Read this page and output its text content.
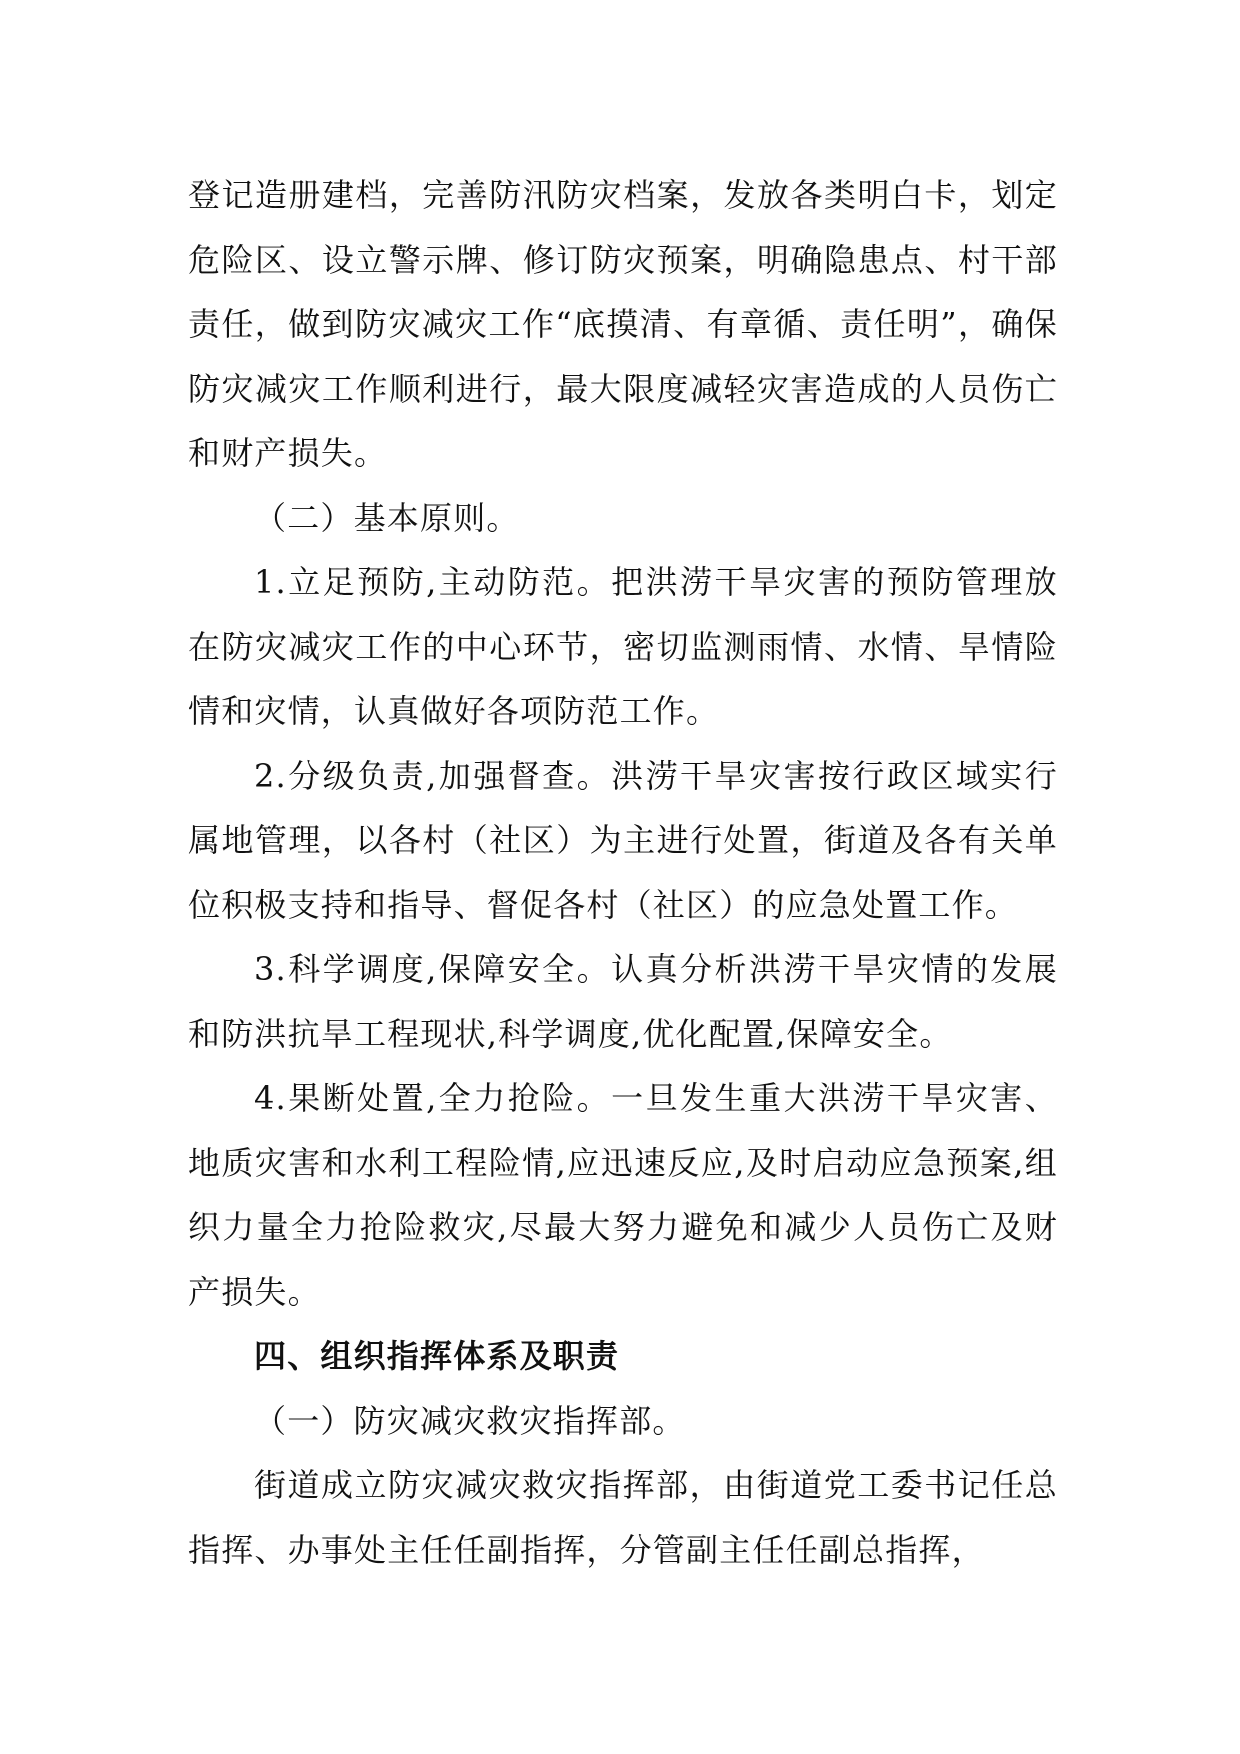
登记造册建档，完善防汛防灾档案，发放各类明白卡，划定危险区、设立警示牌、修订防灾预案，明确隐患点、村干部责任，做到防灾减灾工作“底摸清、有章循、责任明”，确保防灾减灾工作顺利进行，最大限度减轻灾害造成的人员伤亡和财产损失。

（二）基本原则。

1.立足预防,主动防范。把洪涝干旱灾害的预防管理放在防灾减灾工作的中心环节，密切监测雨情、水情、旱情险情和灾情，认真做好各项防范工作。

2.分级负责,加强督查。洪涝干旱灾害按行政区域实行属地管理，以各村（社区）为主进行处置，街道及各有关单位积极支持和指导、督促各村（社区）的应急处置工作。

3.科学调度,保障安全。认真分析洪涝干旱灾情的发展和防洪抗旱工程现状,科学调度,优化配置,保障安全。

4.果断处置,全力抢险。一旦发生重大洪涝干旱灾害、地质灾害和水利工程险情,应迅速反应,及时启动应急预案,组织力量全力抢险救灾,尽最大努力避免和减少人员伤亡及财产损失。

四、组织指挥体系及职责

（一）防灾减灾救灾指挥部。

街道成立防灾减灾救灾指挥部，由街道党工委书记任总指挥、办事处主任任副指挥，分管副主任任副总指挥，
